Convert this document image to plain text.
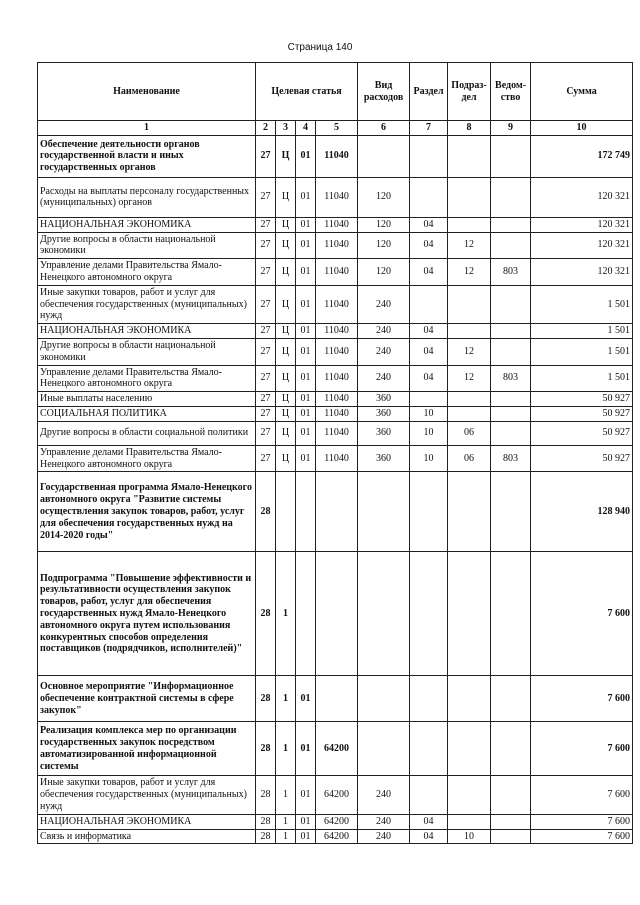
Страница 140
Наименование	Целевая статья				Вид расходов	Раздел	Подраз-дел	Ведом-ство	Сумма
1	2	3	4	5	6	7	8	9	10
Обеспечение деятельности органов государственной власти и иных государственных органов	27	Ц	01	11040					172 749
Расходы на выплаты персоналу государственных (муниципальных) органов	27	Ц	01	11040	120				120 321
НАЦИОНАЛЬНАЯ ЭКОНОМИКА	27	Ц	01	11040	120	04			120 321
Другие вопросы в области национальной экономики	27	Ц	01	11040	120	04	12		120 321
Управление делами Правительства Ямало-Ненецкого автономного округа	27	Ц	01	11040	120	04	12	803	120 321
Иные закупки товаров, работ и услуг для обеспечения государственных (муниципальных) нужд	27	Ц	01	11040	240				1 501
НАЦИОНАЛЬНАЯ ЭКОНОМИКА	27	Ц	01	11040	240	04			1 501
Другие вопросы в области национальной экономики	27	Ц	01	11040	240	04	12		1 501
Управление делами Правительства Ямало-Ненецкого автономного округа	27	Ц	01	11040	240	04	12	803	1 501
Иные выплаты населению	27	Ц	01	11040	360				50 927
СОЦИАЛЬНАЯ ПОЛИТИКА	27	Ц	01	11040	360	10			50 927
Другие вопросы в области социальной политики	27	Ц	01	11040	360	10	06		50 927
Управление делами Правительства Ямало-Ненецкого автономного округа	27	Ц	01	11040	360	10	06	803	50 927
Государственная программа Ямало-Ненецкого автономного округа "Развитие системы осуществления закупок товаров, работ, услуг для обеспечения государственных нужд на 2014-2020 годы"	28								128 940
Подпрограмма "Повышение эффективности и результативности осуществления закупок товаров, работ, услуг для обеспечения государственных нужд Ямало-Ненецкого автономного округа путем использования конкурентных способов определения поставщиков (подрядчиков, исполнителей)"	28	1							7 600
Основное мероприятие "Информационное обеспечение контрактной системы в сфере закупок"	28	1	01						7 600
Реализация комплекса мер по организации государственных закупок посредством автоматизированной информационной системы	28	1	01	64200					7 600
Иные закупки товаров, работ и услуг для обеспечения государственных (муниципальных) нужд	28	1	01	64200	240				7 600
НАЦИОНАЛЬНАЯ ЭКОНОМИКА	28	1	01	64200	240	04			7 600
Связь и информатика	28	1	01	64200	240	04	10		7 600
